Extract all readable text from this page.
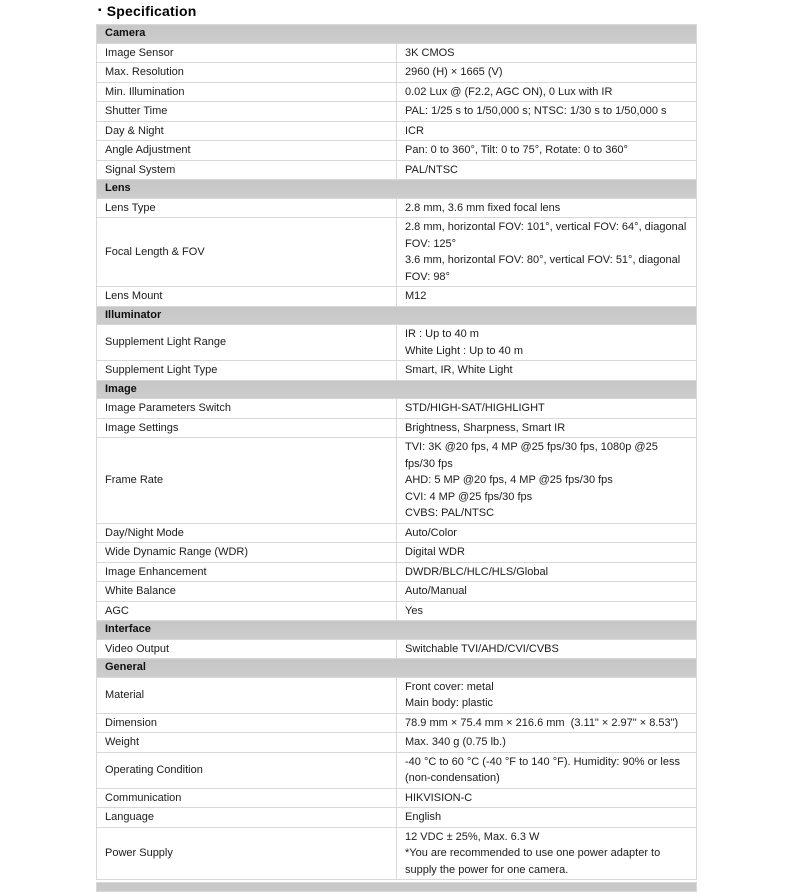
▪ Specification
Camera	
Image Sensor	3K CMOS

Max. Resolution	2960 (H) × 1665 (V)

Min. Illumination	0.02 Lux @ (F2.2, AGC ON), 0 Lux with IR

Shutter Time	PAL: 1/25 s to 1/50,000 s; NTSC: 1/30 s to 1/50,000 s

Day & Night	ICR

Angle Adjustment	Pan: 0 to 360°, Tilt: 0 to 75°, Rotate: 0 to 360°

Signal System	PAL/NTSC

Lens	
Lens Type	2.8 mm, 3.6 mm fixed focal lens

Focal Length & FOV	2.8 mm, horizontal FOV: 101°, vertical FOV: 64°, diagonal FOV: 125°
3.6 mm, horizontal FOV: 80°, vertical FOV: 51°, diagonal FOV: 98°

Lens Mount	M12

Illuminator	
Supplement Light Range	IR : Up to 40 m
White Light : Up to 40 m

Supplement Light Type	Smart, IR, White Light

Image	
Image Parameters Switch	STD/HIGH-SAT/HIGHLIGHT

Image Settings	Brightness, Sharpness, Smart IR

Frame Rate	TVI: 3K @20 fps, 4 MP @25 fps/30 fps, 1080p @25 fps/30 fps
AHD: 5 MP @20 fps, 4 MP @25 fps/30 fps
CVI: 4 MP @25 fps/30 fps
CVBS: PAL/NTSC

Day/Night Mode	Auto/Color

Wide Dynamic Range (WDR)	Digital WDR

Image Enhancement	DWDR/BLC/HLC/HLS/Global

White Balance	Auto/Manual

AGC	Yes

Interface	
Video Output	Switchable TVI/AHD/CVI/CVBS

General	
Material	Front cover: metal
Main body: plastic

Dimension	78.9 mm × 75.4 mm × 216.6 mm  (3.11" × 2.97" × 8.53")

Weight	Max. 340 g (0.75 lb.)

Operating Condition	-40 °C to 60 °C (-40 °F to 140 °F). Humidity: 90% or less (non-condensation)

Communication	HIKVISION-C

Language	English

Power Supply	12 VDC ± 25%, Max. 6.3 W
*You are recommended to use one power adapter to supply the power for one camera.
